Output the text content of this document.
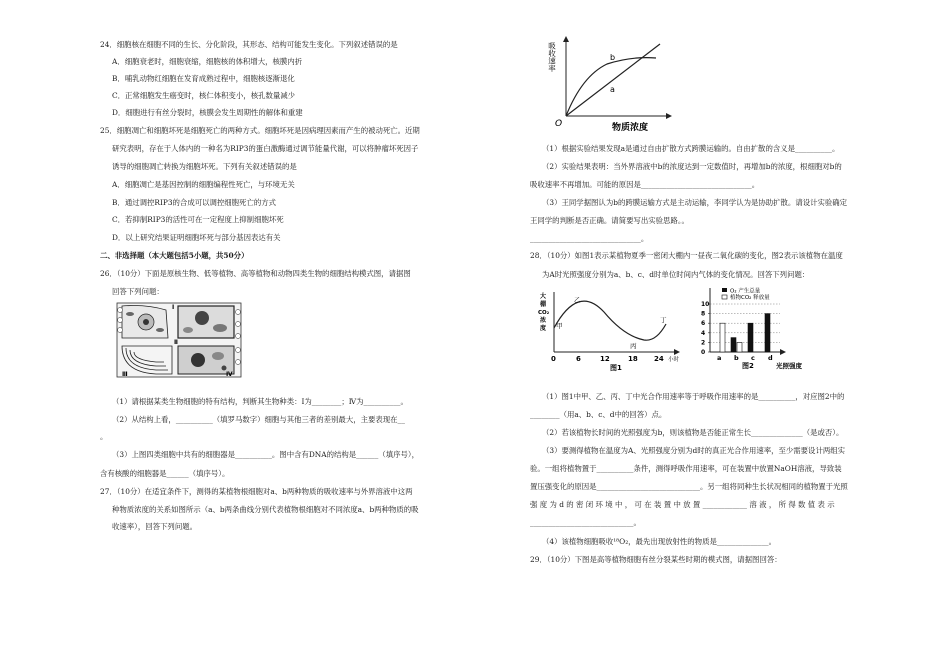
24．细胞核在细胞不同的生长、分化阶段，其形态、结构可能发生变化。下列叙述错误的是
A．细胞衰老时，细胞衰缩，细胞核的体积增大，核膜内折
B．哺乳动物红细胞在发育成熟过程中，细胞核逐渐退化
C．正常细胞发生癌变时，核仁体积变小，核孔数量减少
D．细胞进行有丝分裂时，核膜会发生周期性的解体和重建
25．细胞凋亡和细胞坏死是细胞死亡的两种方式。细胞坏死是因病理因素而产生的被动死亡。近期
研究表明，存在于人体内的一种名为RIP3的蛋白激酶通过调节能量代谢，可以将肿瘤坏死因子
诱导的细胞凋亡转换为细胞坏死。下列有关叙述错误的是
A．细胞凋亡是基因控制的细胞编程性死亡，与环境无关
B．通过调控RIP3的合成可以调控细胞死亡的方式
C．若抑制RIP3的活性可在一定程度上抑制细胞坏死
D．以上研究结果证明细胞坏死与部分基因表达有关
二、非选择题（本大题包括5小题，共50分）
26．（10分）下面是原核生物、低等植物、高等植物和动物四类生物的细胞结构模式图，请据图
回答下列问题：
Ⅰ
Ⅱ
Ⅲ	Ⅳ
（1）请根据某类生物细胞的特有结构，判断其生物种类：Ⅰ为________；Ⅳ为__________。
（2）从结构上看，__________（填罗马数字）细胞与其他三者的差别最大，主要表现在__
。
（3）上图四类细胞中共有的细胞器是__________。图中含有DNA的结构是______（填序号），
含有核酸的细胞器是______（填序号）。
27．（10分）在适宜条件下，测得的某植物根细胞对a、b两种物质的吸收速率与外界溶液中这两
种物质浓度的关系如图所示（a、b两条曲线分别代表植物根细胞对不同浓度a、b两种物质的吸
收速率），回答下列问题。
吸收速率
O	物质浓度
b
a
（1）根据实验结果发现a是通过自由扩散方式跨膜运输的。自由扩散的含义是__________。
（2）实验结果表明：当外界溶液中b的浓度达到一定数值时，再增加b的浓度，根细胞对b的
吸收速率不再增加。可能的原因是______________________________。
（3）王同学据图认为b的跨膜运输方式是主动运输，李同学认为是协助扩散。请设计实验确定
王同学的判断是否正确。请简要写出实验思路。。
______________________________。
28．（10分）如图1表示某植物夏季一密闭大棚内一昼夜二氧化碳的变化，图2表示该植物在温度
为A时光照强度分别为a、b、c、d时单位时间内气体的变化情况。回答下列问题：
大
棚
CO₂
浓
度 甲
乙
丙
丁
0	6	12	18 24 小时
图1
O₂ 产生总量
植物CO₂ 释放量
0
2
4
6
8
10
a b c d
光照强度
图2
（1）图1中甲、乙、丙、丁中光合作用速率等于呼吸作用速率的是__________，对应图2中的
________（用a、b、c、d中的回答）点。
（2）若该植物长时间的光照强度为b，则该植物是否能正常生长______________（是或否）。
（3）要测得植物在温度为A、光照强度分别为d时的真正光合作用速率，至少需要设计两组实
验。一组将植物置于__________条件，测得呼吸作用速率，可在装置中放置NaOH溶液，导致装
置压强变化的原因是____________________________。另一组将同种生长状况相同的植物置于光照
强 度 为 d 的 密 闭 环 境 中 ， 可 在 装 置 中 放 置 ____________ 溶 液 ， 所 得 数 值 表 示
____________________________。
（4）该植物细胞吸收¹⁸O₂，最先出现放射性的物质是______________。
29．（10分）下图是高等植物细胞有丝分裂某些时期的模式图，请据图回答：
